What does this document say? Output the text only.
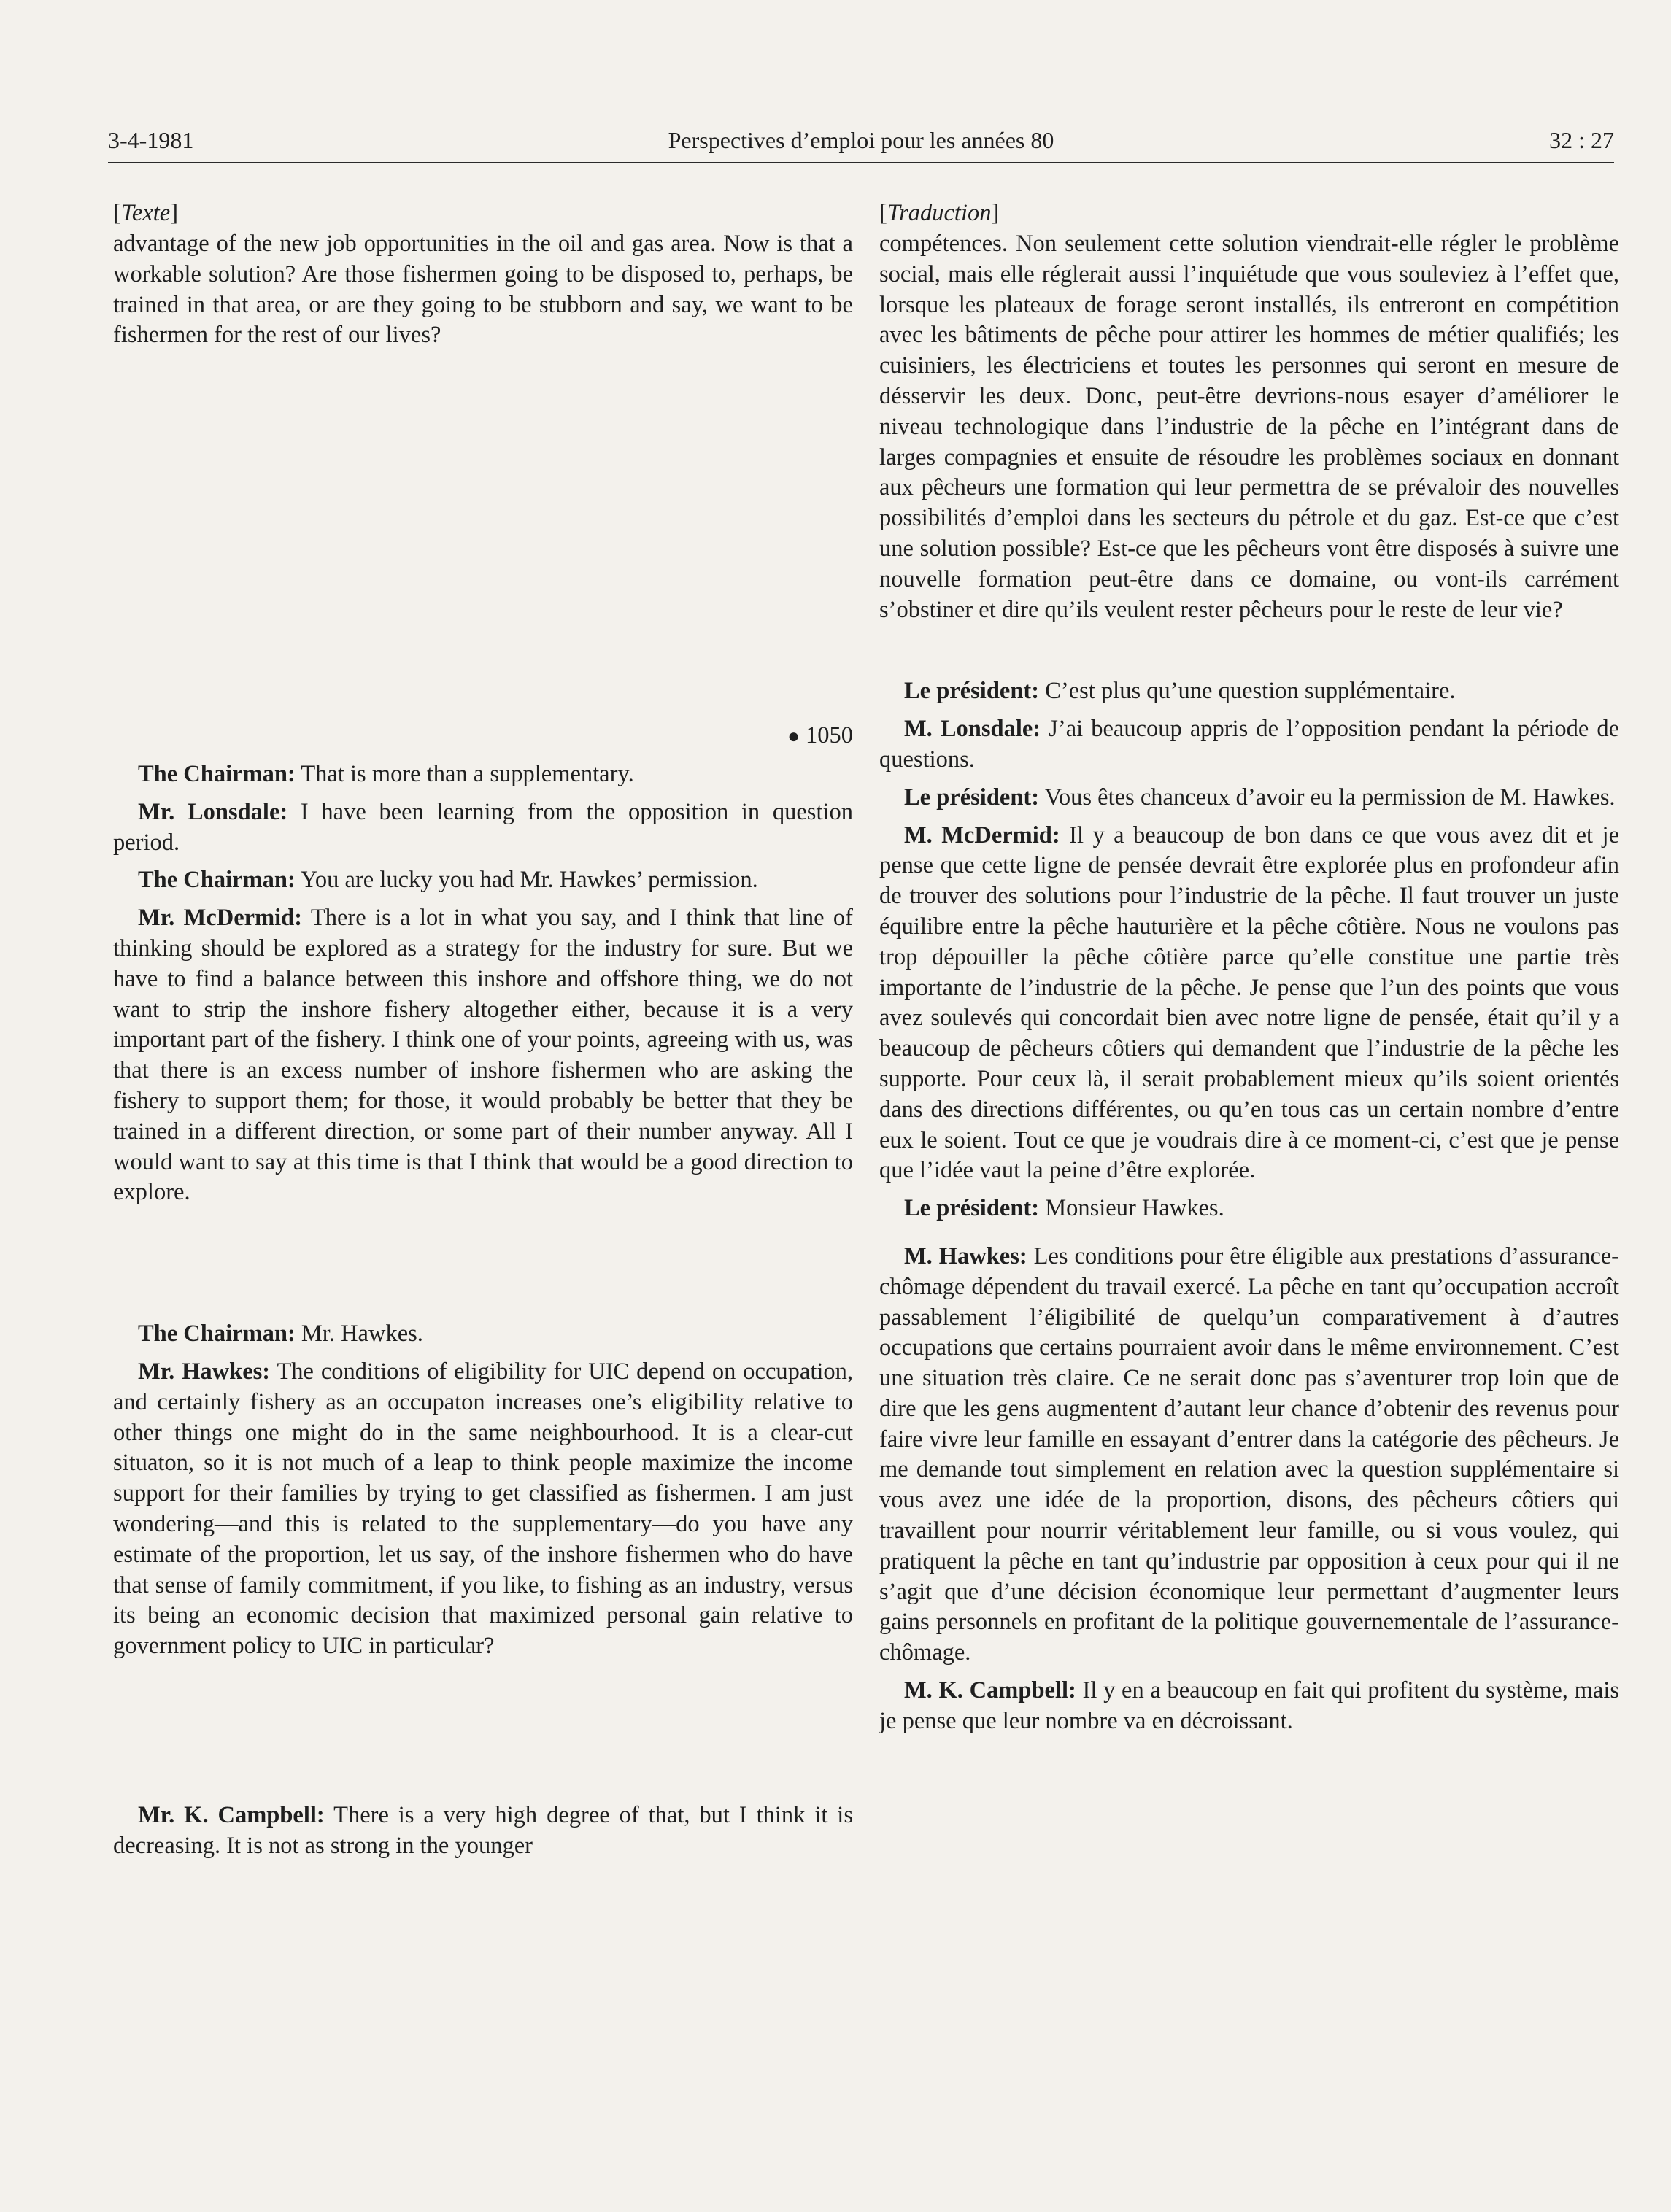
3-4-1981	Perspectives d’emploi pour les années 80	32 : 27

[Texte]

advantage of the new job opportunities in the oil and gas area. Now is that a workable solution? Are those fishermen going to be disposed to, perhaps, be trained in that area, or are they going to be stubborn and say, we want to be fishermen for the rest of our lives?

● 1050

The Chairman: That is more than a supplementary.

Mr. Lonsdale: I have been learning from the opposition in question period.

The Chairman: You are lucky you had Mr. Hawkes’ permission.

Mr. McDermid: There is a lot in what you say, and I think that line of thinking should be explored as a strategy for the industry for sure. But we have to find a balance between this inshore and offshore thing, we do not want to strip the inshore fishery altogether either, because it is a very important part of the fishery. I think one of your points, agreeing with us, was that there is an excess number of inshore fishermen who are asking the fishery to support them; for those, it would probably be better that they be trained in a different direction, or some part of their number anyway. All I would want to say at this time is that I think that would be a good direction to explore.

The Chairman: Mr. Hawkes.

Mr. Hawkes: The conditions of eligibility for UIC depend on occupation, and certainly fishery as an occupaton increases one’s eligibility relative to other things one might do in the same neighbourhood. It is a clear-cut situaton, so it is not much of a leap to think people maximize the income support for their families by trying to get classified as fishermen. I am just wondering—and this is related to the supplementary—do you have any estimate of the proportion, let us say, of the inshore fishermen who do have that sense of family commitment, if you like, to fishing as an industry, versus its being an economic decision that maximized personal gain relative to government policy to UIC in particular?

Mr. K. Campbell: There is a very high degree of that, but I think it is decreasing. It is not as strong in the younger

[Traduction]

compétences. Non seulement cette solution viendrait-elle régler le problème social, mais elle réglerait aussi l’inquiétude que vous souleviez à l’effet que, lorsque les plateaux de forage seront installés, ils entreront en compétition avec les bâtiments de pêche pour attirer les hommes de métier qualifiés; les cuisiniers, les électriciens et toutes les personnes qui seront en mesure de désservir les deux. Donc, peut-être devrions-nous esayer d’améliorer le niveau technologique dans l’industrie de la pêche en l’intégrant dans de larges compagnies et ensuite de résoudre les problèmes sociaux en donnant aux pêcheurs une formation qui leur permettra de se prévaloir des nouvelles possibilités d’emploi dans les secteurs du pétrole et du gaz. Est-ce que c’est une solution possible? Est-ce que les pêcheurs vont être disposés à suivre une nouvelle formation peut-être dans ce domaine, ou vont-ils carrément s’obstiner et dire qu’ils veulent rester pêcheurs pour le reste de leur vie?

Le président: C’est plus qu’une question supplémentaire.

M. Lonsdale: J’ai beaucoup appris de l’opposition pendant la période de questions.

Le président: Vous êtes chanceux d’avoir eu la permission de M. Hawkes.

M. McDermid: Il y a beaucoup de bon dans ce que vous avez dit et je pense que cette ligne de pensée devrait être explorée plus en profondeur afin de trouver des solutions pour l’industrie de la pêche. Il faut trouver un juste équilibre entre la pêche hauturière et la pêche côtière. Nous ne voulons pas trop dépouiller la pêche côtière parce qu’elle constitue une partie très importante de l’industrie de la pêche. Je pense que l’un des points que vous avez soulevés qui concordait bien avec notre ligne de pensée, était qu’il y a beaucoup de pêcheurs côtiers qui demandent que l’industrie de la pêche les supporte. Pour ceux là, il serait probablement mieux qu’ils soient orientés dans des directions différentes, ou qu’en tous cas un certain nombre d’entre eux le soient. Tout ce que je voudrais dire à ce moment-ci, c’est que je pense que l’idée vaut la peine d’être explorée.

Le président: Monsieur Hawkes.

M. Hawkes: Les conditions pour être éligible aux prestations d’assurance-chômage dépendent du travail exercé. La pêche en tant qu’occupation accroît passablement l’éligibilité de quelqu’un comparativement à d’autres occupations que certains pourraient avoir dans le même environnement. C’est une situation très claire. Ce ne serait donc pas s’aventurer trop loin que de dire que les gens augmentent d’autant leur chance d’obtenir des revenus pour faire vivre leur famille en essayant d’entrer dans la catégorie des pêcheurs. Je me demande tout simplement en relation avec la question supplémentaire si vous avez une idée de la proportion, disons, des pêcheurs côtiers qui travaillent pour nourrir véritablement leur famille, ou si vous voulez, qui pratiquent la pêche en tant qu’industrie par opposition à ceux pour qui il ne s’agit que d’une décision économique leur permettant d’augmenter leurs gains personnels en profitant de la politique gouvernementale de l’assurance-chômage.

M. K. Campbell: Il y en a beaucoup en fait qui profitent du système, mais je pense que leur nombre va en décroissant.
